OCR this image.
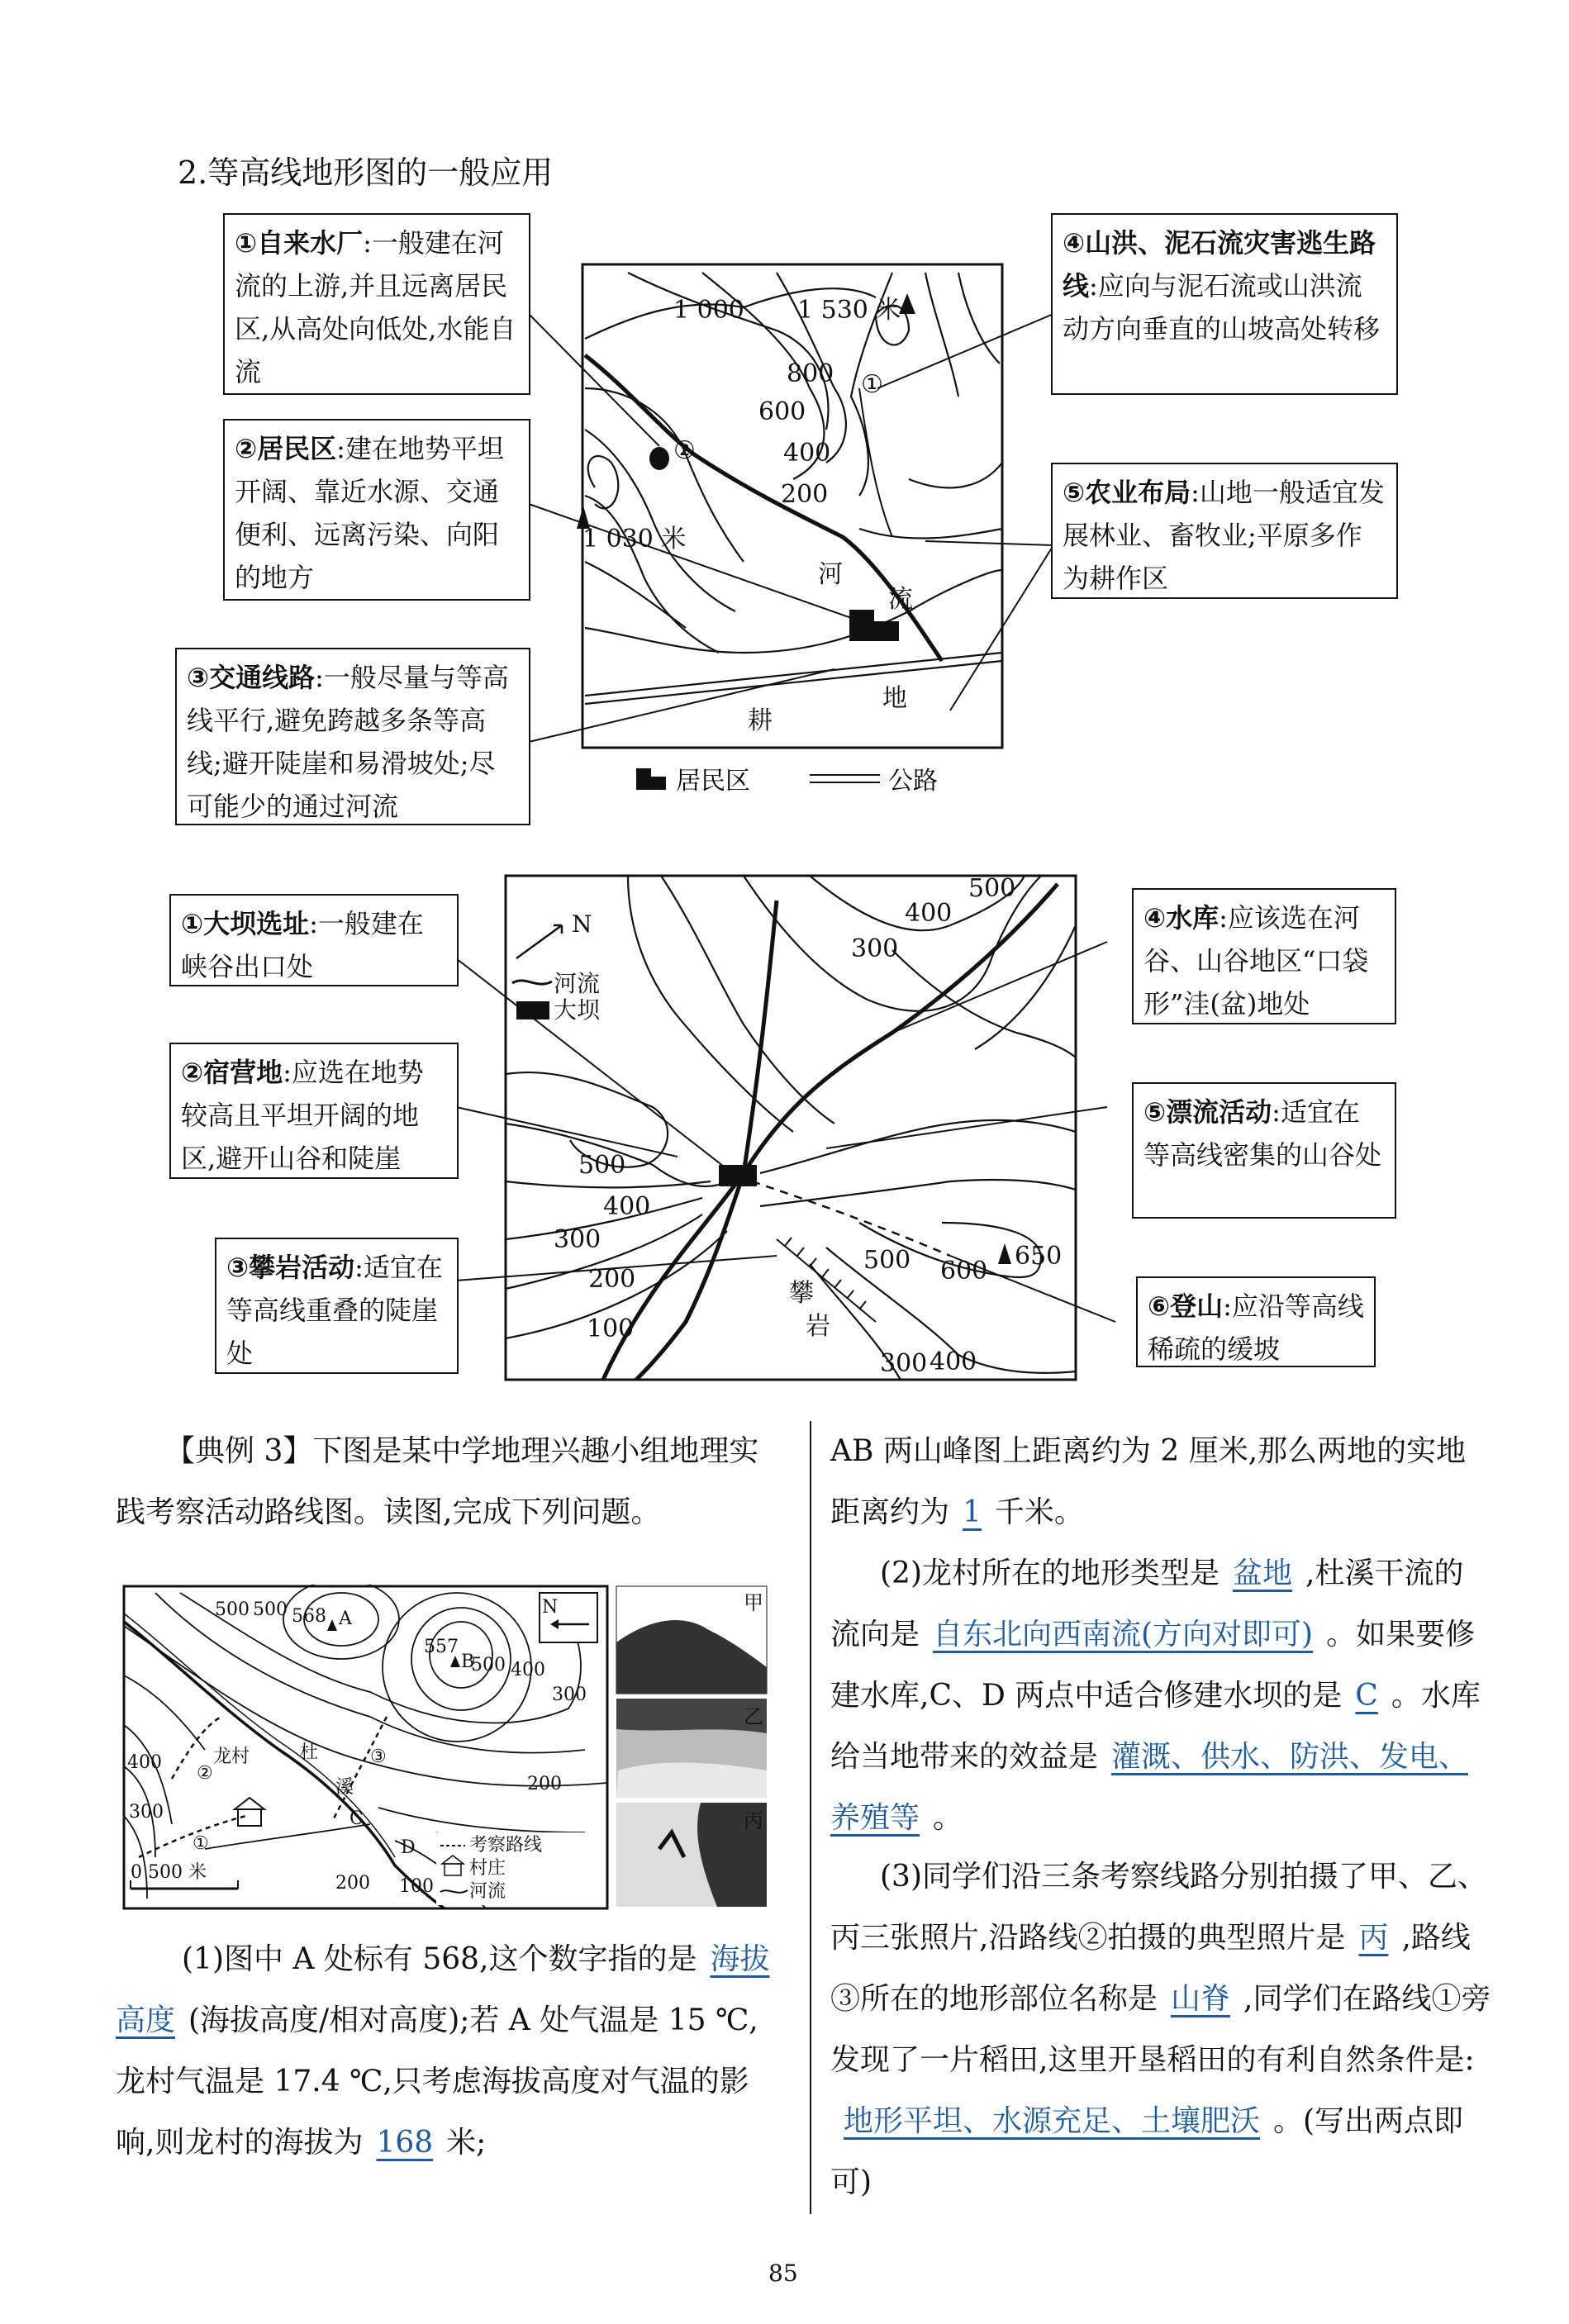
2.等高线地形图的一般应用
1 000 1 530 米
800
600
400
200
1 030 米
①
②
河
流
地
耕
居民区	公路
①自来水厂:一般建在河流的上游,并且远离居民区,从高处向低处,水能自流
②居民区:建在地势平坦开阔、靠近水源、交通便利、远离污染、向阳的地方
③交通线路:一般尽量与等高线平行,避免跨越多条等高线;避开陡崖和易滑坡处;尽可能少的通过河流
④山洪、泥石流灾害逃生路线:应向与泥石流或山洪流动方向垂直的山坡高处转移
⑤农业布局:山地一般适宜发展林业、畜牧业;平原多作为耕作区
N
河流
大坝
500
400
300
500
400
300
200
100
500 600
650
300 400
攀
岩
①大坝选址:一般建在峡谷出口处
②宿营地:应选在地势较高且平坦开阔的地区,避开山谷和陡崖
③攀岩活动:适宜在等高线重叠的陡崖处
④水库:应该选在河谷、山谷地区“口袋形”洼(盆)地处
⑤漂流活动:适宜在等高线密集的山谷处
⑥登山:应沿等高线稀疏的缓坡
【典例 3】下图是某中学地理兴趣小组地理实践考察活动路线图。读图,完成下列问题。
500 500 568 A
557
B
500 400
300
400
300
200
200 100
龙村	杜
溪
C
D
①
②
③
0 500 米
N
考察路线
村庄
河流
甲
乙
丙
(1)图中 A 处标有 568,这个数字指的是 海拔高度 (海拔高度/相对高度);若 A 处气温是 15 ℃,龙村气温是 17.4 ℃,只考虑海拔高度对气温的影响,则龙村的海拔为 168 米;
AB 两山峰图上距离约为 2 厘米,那么两地的实地距离约为 1 千米。
(2)龙村所在的地形类型是 盆地 ,杜溪干流的流向是 自东北向西南流(方向对即可) 。如果要修建水库,C、D 两点中适合修建水坝的是 C 。水库给当地带来的效益是 灌溉、供水、防洪、发电、养殖等 。
(3)同学们沿三条考察线路分别拍摄了甲、乙、丙三张照片,沿路线②拍摄的典型照片是 丙 ,路线③所在的地形部位名称是 山脊 ,同学们在路线①旁发现了一片稻田,这里开垦稻田的有利自然条件是:地形平坦、水源充足、土壤肥沃 。(写出两点即可)
85
